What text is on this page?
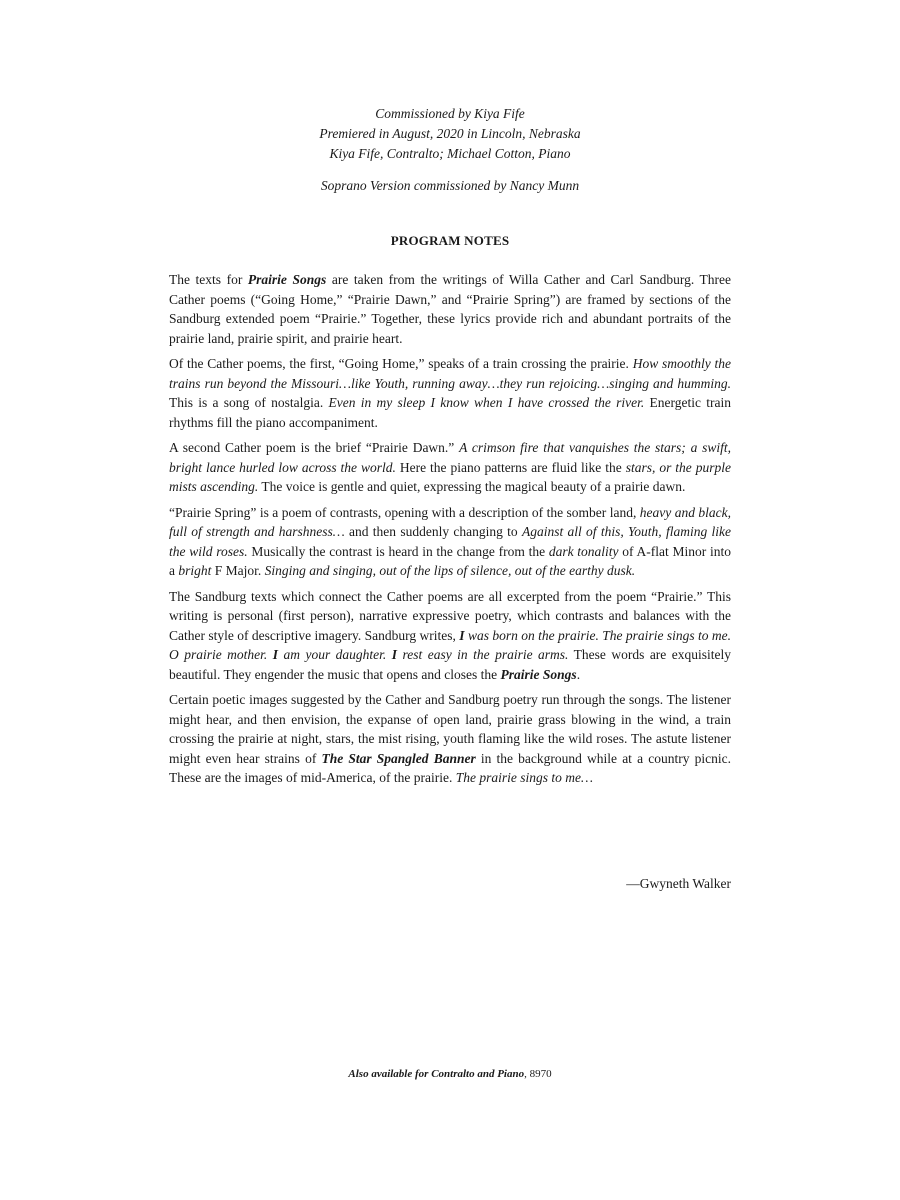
Commissioned by Kiya Fife
Premiered in August, 2020 in Lincoln, Nebraska
Kiya Fife, Contralto; Michael Cotton, Piano
Soprano Version commissioned by Nancy Munn
PROGRAM NOTES

The texts for Prairie Songs are taken from the writings of Willa Cather and Carl Sandburg. Three Cather poems (“Going Home,” “Prairie Dawn,” and “Prairie Spring”) are framed by sections of the Sandburg extended poem “Prairie.” Together, these lyrics provide rich and abundant portraits of the prairie land, prairie spirit, and prairie heart.

Of the Cather poems, the first, “Going Home,” speaks of a train crossing the prairie. How smoothly the trains run beyond the Missouri…like Youth, running away…they run rejoicing…singing and humming. This is a song of nostalgia. Even in my sleep I know when I have crossed the river. Energetic train rhythms fill the piano accompaniment.

A second Cather poem is the brief “Prairie Dawn.” A crimson fire that vanquishes the stars; a swift, bright lance hurled low across the world. Here the piano patterns are fluid like the stars, or the purple mists ascending. The voice is gentle and quiet, expressing the magical beauty of a prairie dawn.

“Prairie Spring” is a poem of contrasts, opening with a description of the somber land, heavy and black, full of strength and harshness… and then suddenly changing to Against all of this, Youth, flaming like the wild roses. Musically the contrast is heard in the change from the dark tonality of A-flat Minor into a bright F Major. Singing and singing, out of the lips of silence, out of the earthy dusk.

The Sandburg texts which connect the Cather poems are all excerpted from the poem “Prairie.” This writing is personal (first person), narrative expressive poetry, which contrasts and balances with the Cather style of descriptive imagery. Sandburg writes, I was born on the prairie. The prairie sings to me. O prairie mother. I am your daughter. I rest easy in the prairie arms. These words are exquisitely beautiful. They engender the music that opens and closes the Prairie Songs.

Certain poetic images suggested by the Cather and Sandburg poetry run through the songs. The listener might hear, and then envision, the expanse of open land, prairie grass blowing in the wind, a train crossing the prairie at night, stars, the mist rising, youth flaming like the wild roses. The astute listener might even hear strains of The Star Spangled Banner in the background while at a country picnic. These are the images of mid-America, of the prairie. The prairie sings to me…

—Gwyneth Walker
Also available for Contralto and Piano, 8970
